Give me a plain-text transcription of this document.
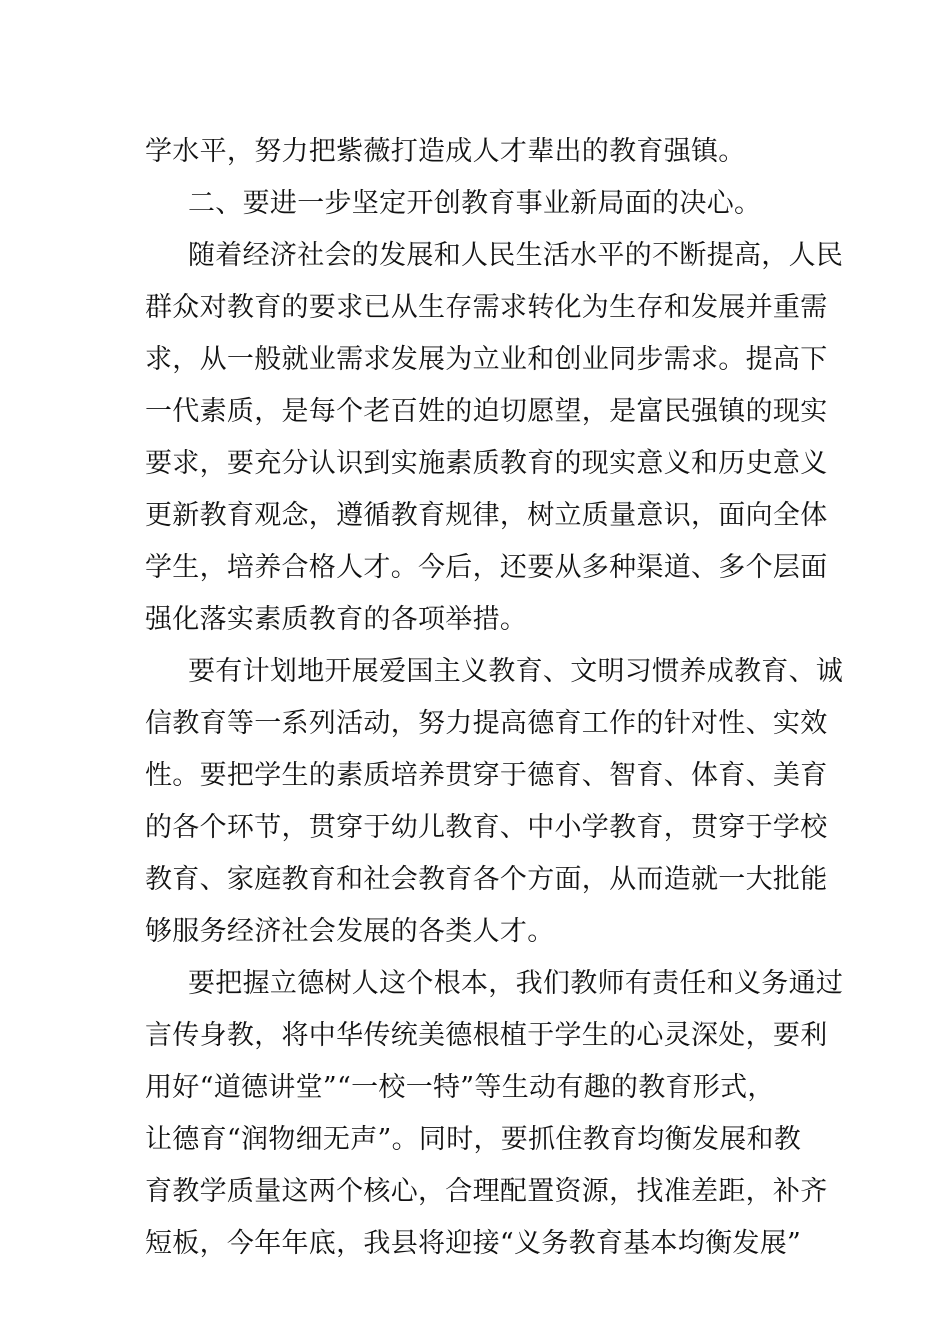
学水平，努力把紫薇打造成人才辈出的教育强镇。
二、要进一步坚定开创教育事业新局面的决心。
随着经济社会的发展和人民生活水平的不断提高，人民
群众对教育的要求已从生存需求转化为生存和发展并重需
求，从一般就业需求发展为立业和创业同步需求。提高下
一代素质，是每个老百姓的迫切愿望，是富民强镇的现实
要求，要充分认识到实施素质教育的现实意义和历史意义
更新教育观念，遵循教育规律，树立质量意识，面向全体
学生，培养合格人才。今后，还要从多种渠道、多个层面
强化落实素质教育的各项举措。
要有计划地开展爱国主义教育、文明习惯养成教育、诚
信教育等一系列活动，努力提高德育工作的针对性、实效
性。要把学生的素质培养贯穿于德育、智育、体育、美育
的各个环节，贯穿于幼儿教育、中小学教育，贯穿于学校
教育、家庭教育和社会教育各个方面，从而造就一大批能
够服务经济社会发展的各类人才。
要把握立德树人这个根本，我们教师有责任和义务通过
言传身教，将中华传统美德根植于学生的心灵深处，要利
用好“道德讲堂”“一校一特”等生动有趣的教育形式，
让德育“润物细无声”。同时，要抓住教育均衡发展和教
育教学质量这两个核心，合理配置资源，找准差距，补齐
短板，今年年底，我县将迎接“义务教育基本均衡发展”
